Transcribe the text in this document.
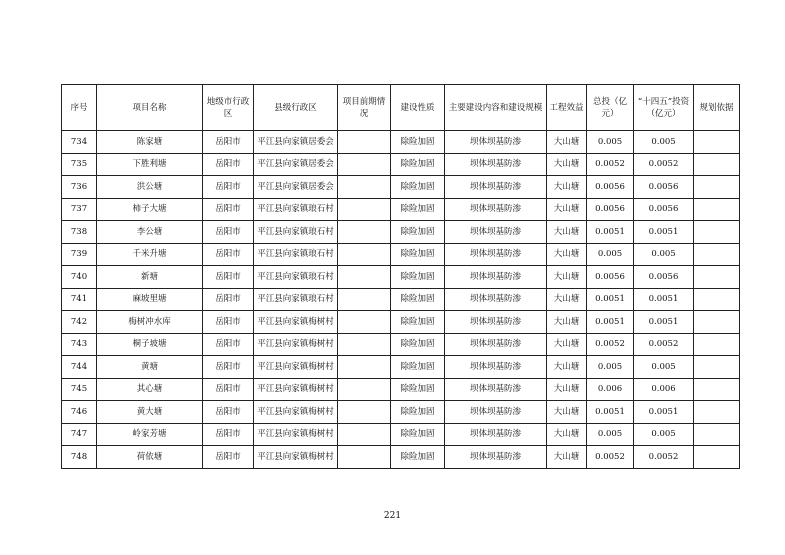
序号	项目名称	地级市行政区	县级行政区	项目前期情况	建设性质	主要建设内容和建设规模	工程效益	总投（亿元）	“十四五”投资（亿元）	规划依据
734	陈家塘	岳阳市	平江县向家镇居委会		除险加固	坝体坝基防渗	大山塘	0.005	0.005	
735	下胜利塘	岳阳市	平江县向家镇居委会		除险加固	坝体坝基防渗	大山塘	0.0052	0.0052	
736	洪公塘	岳阳市	平江县向家镇居委会		除险加固	坝体坝基防渗	大山塘	0.0056	0.0056	
737	柿子大塘	岳阳市	平江县向家镇琅石村		除险加固	坝体坝基防渗	大山塘	0.0056	0.0056	
738	李公塘	岳阳市	平江县向家镇琅石村		除险加固	坝体坝基防渗	大山塘	0.0051	0.0051	
739	千米升塘	岳阳市	平江县向家镇琅石村		除险加固	坝体坝基防渗	大山塘	0.005	0.005	
740	新塘	岳阳市	平江县向家镇琅石村		除险加固	坝体坝基防渗	大山塘	0.0056	0.0056	
741	麻坡里塘	岳阳市	平江县向家镇琅石村		除险加固	坝体坝基防渗	大山塘	0.0051	0.0051	
742	梅树冲水库	岳阳市	平江县向家镇梅树村		除险加固	坝体坝基防渗	大山塘	0.0051	0.0051	
743	桐子坡塘	岳阳市	平江县向家镇梅树村		除险加固	坝体坝基防渗	大山塘	0.0052	0.0052	
744	黄塘	岳阳市	平江县向家镇梅树村		除险加固	坝体坝基防渗	大山塘	0.005	0.005	
745	其心塘	岳阳市	平江县向家镇梅树村		除险加固	坝体坝基防渗	大山塘	0.006	0.006	
746	黄大塘	岳阳市	平江县向家镇梅树村		除险加固	坝体坝基防渗	大山塘	0.0051	0.0051	
747	岭家芳塘	岳阳市	平江县向家镇梅树村		除险加固	坝体坝基防渗	大山塘	0.005	0.005	
748	荷依塘	岳阳市	平江县向家镇梅树村		除险加固	坝体坝基防渗	大山塘	0.0052	0.0052	
221
